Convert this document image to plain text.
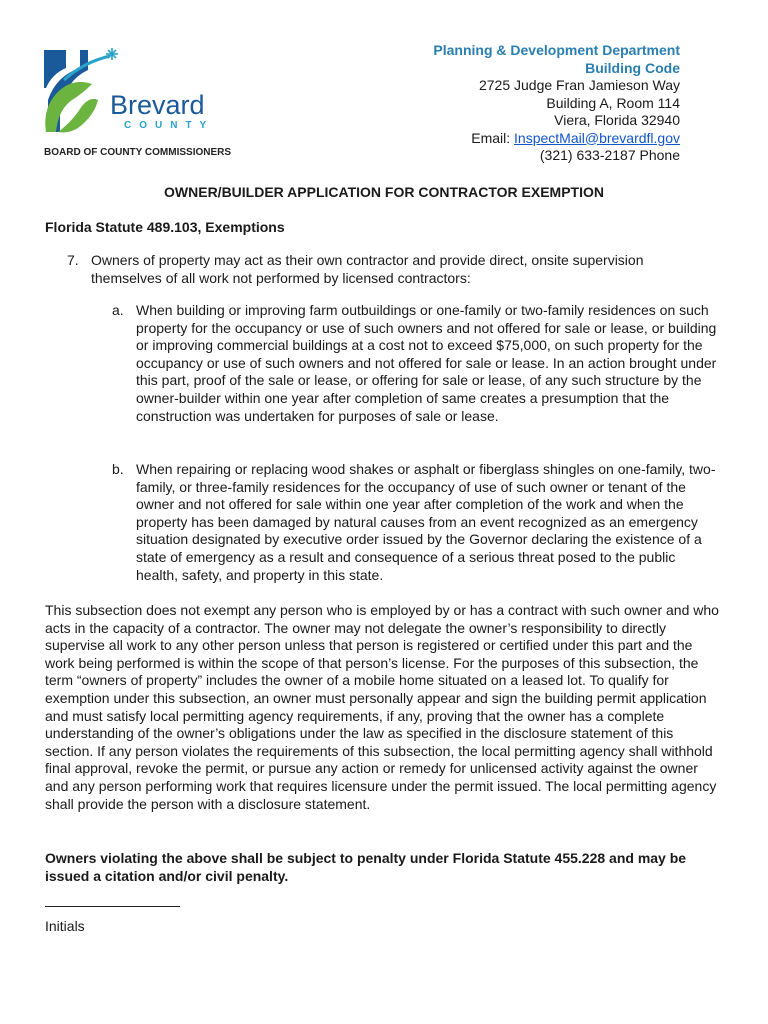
Brevard
COUNTY
BOARD OF COUNTY COMMISSIONERS
Planning & Development Department
Building Code
2725 Judge Fran Jamieson Way
Building A, Room 114
Viera, Florida 32940
Email: InspectMail@brevardfl.gov
(321) 633-2187 Phone
OWNER/BUILDER APPLICATION FOR CONTRACTOR EXEMPTION
Florida Statute 489.103, Exemptions
7. Owners of property may act as their own contractor and provide direct, onsite supervision themselves of all work not performed by licensed contractors:
a. When building or improving farm outbuildings or one-family or two-family residences on such property for the occupancy or use of such owners and not offered for sale or lease, or building or improving commercial buildings at a cost not to exceed $75,000, on such property for the occupancy or use of such owners and not offered for sale or lease. In an action brought under this part, proof of the sale or lease, or offering for sale or lease, of any such structure by the owner-builder within one year after completion of same creates a presumption that the construction was undertaken for purposes of sale or lease.
b. When repairing or replacing wood shakes or asphalt or fiberglass shingles on one-family, two-family, or three-family residences for the occupancy of use of such owner or tenant of the owner and not offered for sale within one year after completion of the work and when the property has been damaged by natural causes from an event recognized as an emergency situation designated by executive order issued by the Governor declaring the existence of a state of emergency as a result and consequence of a serious threat posed to the public health, safety, and property in this state.
This subsection does not exempt any person who is employed by or has a contract with such owner and who acts in the capacity of a contractor. The owner may not delegate the owner’s responsibility to directly supervise all work to any other person unless that person is registered or certified under this part and the work being performed is within the scope of that person’s license. For the purposes of this subsection, the term “owners of property” includes the owner of a mobile home situated on a leased lot. To qualify for exemption under this subsection, an owner must personally appear and sign the building permit application and must satisfy local permitting agency requirements, if any, proving that the owner has a complete understanding of the owner’s obligations under the law as specified in the disclosure statement of this section. If any person violates the requirements of this subsection, the local permitting agency shall withhold final approval, revoke the permit, or pursue any action or remedy for unlicensed activity against the owner and any person performing work that requires licensure under the permit issued. The local permitting agency shall provide the person with a disclosure statement.
Owners violating the above shall be subject to penalty under Florida Statute 455.228 and may be issued a citation and/or civil penalty.
Initials
